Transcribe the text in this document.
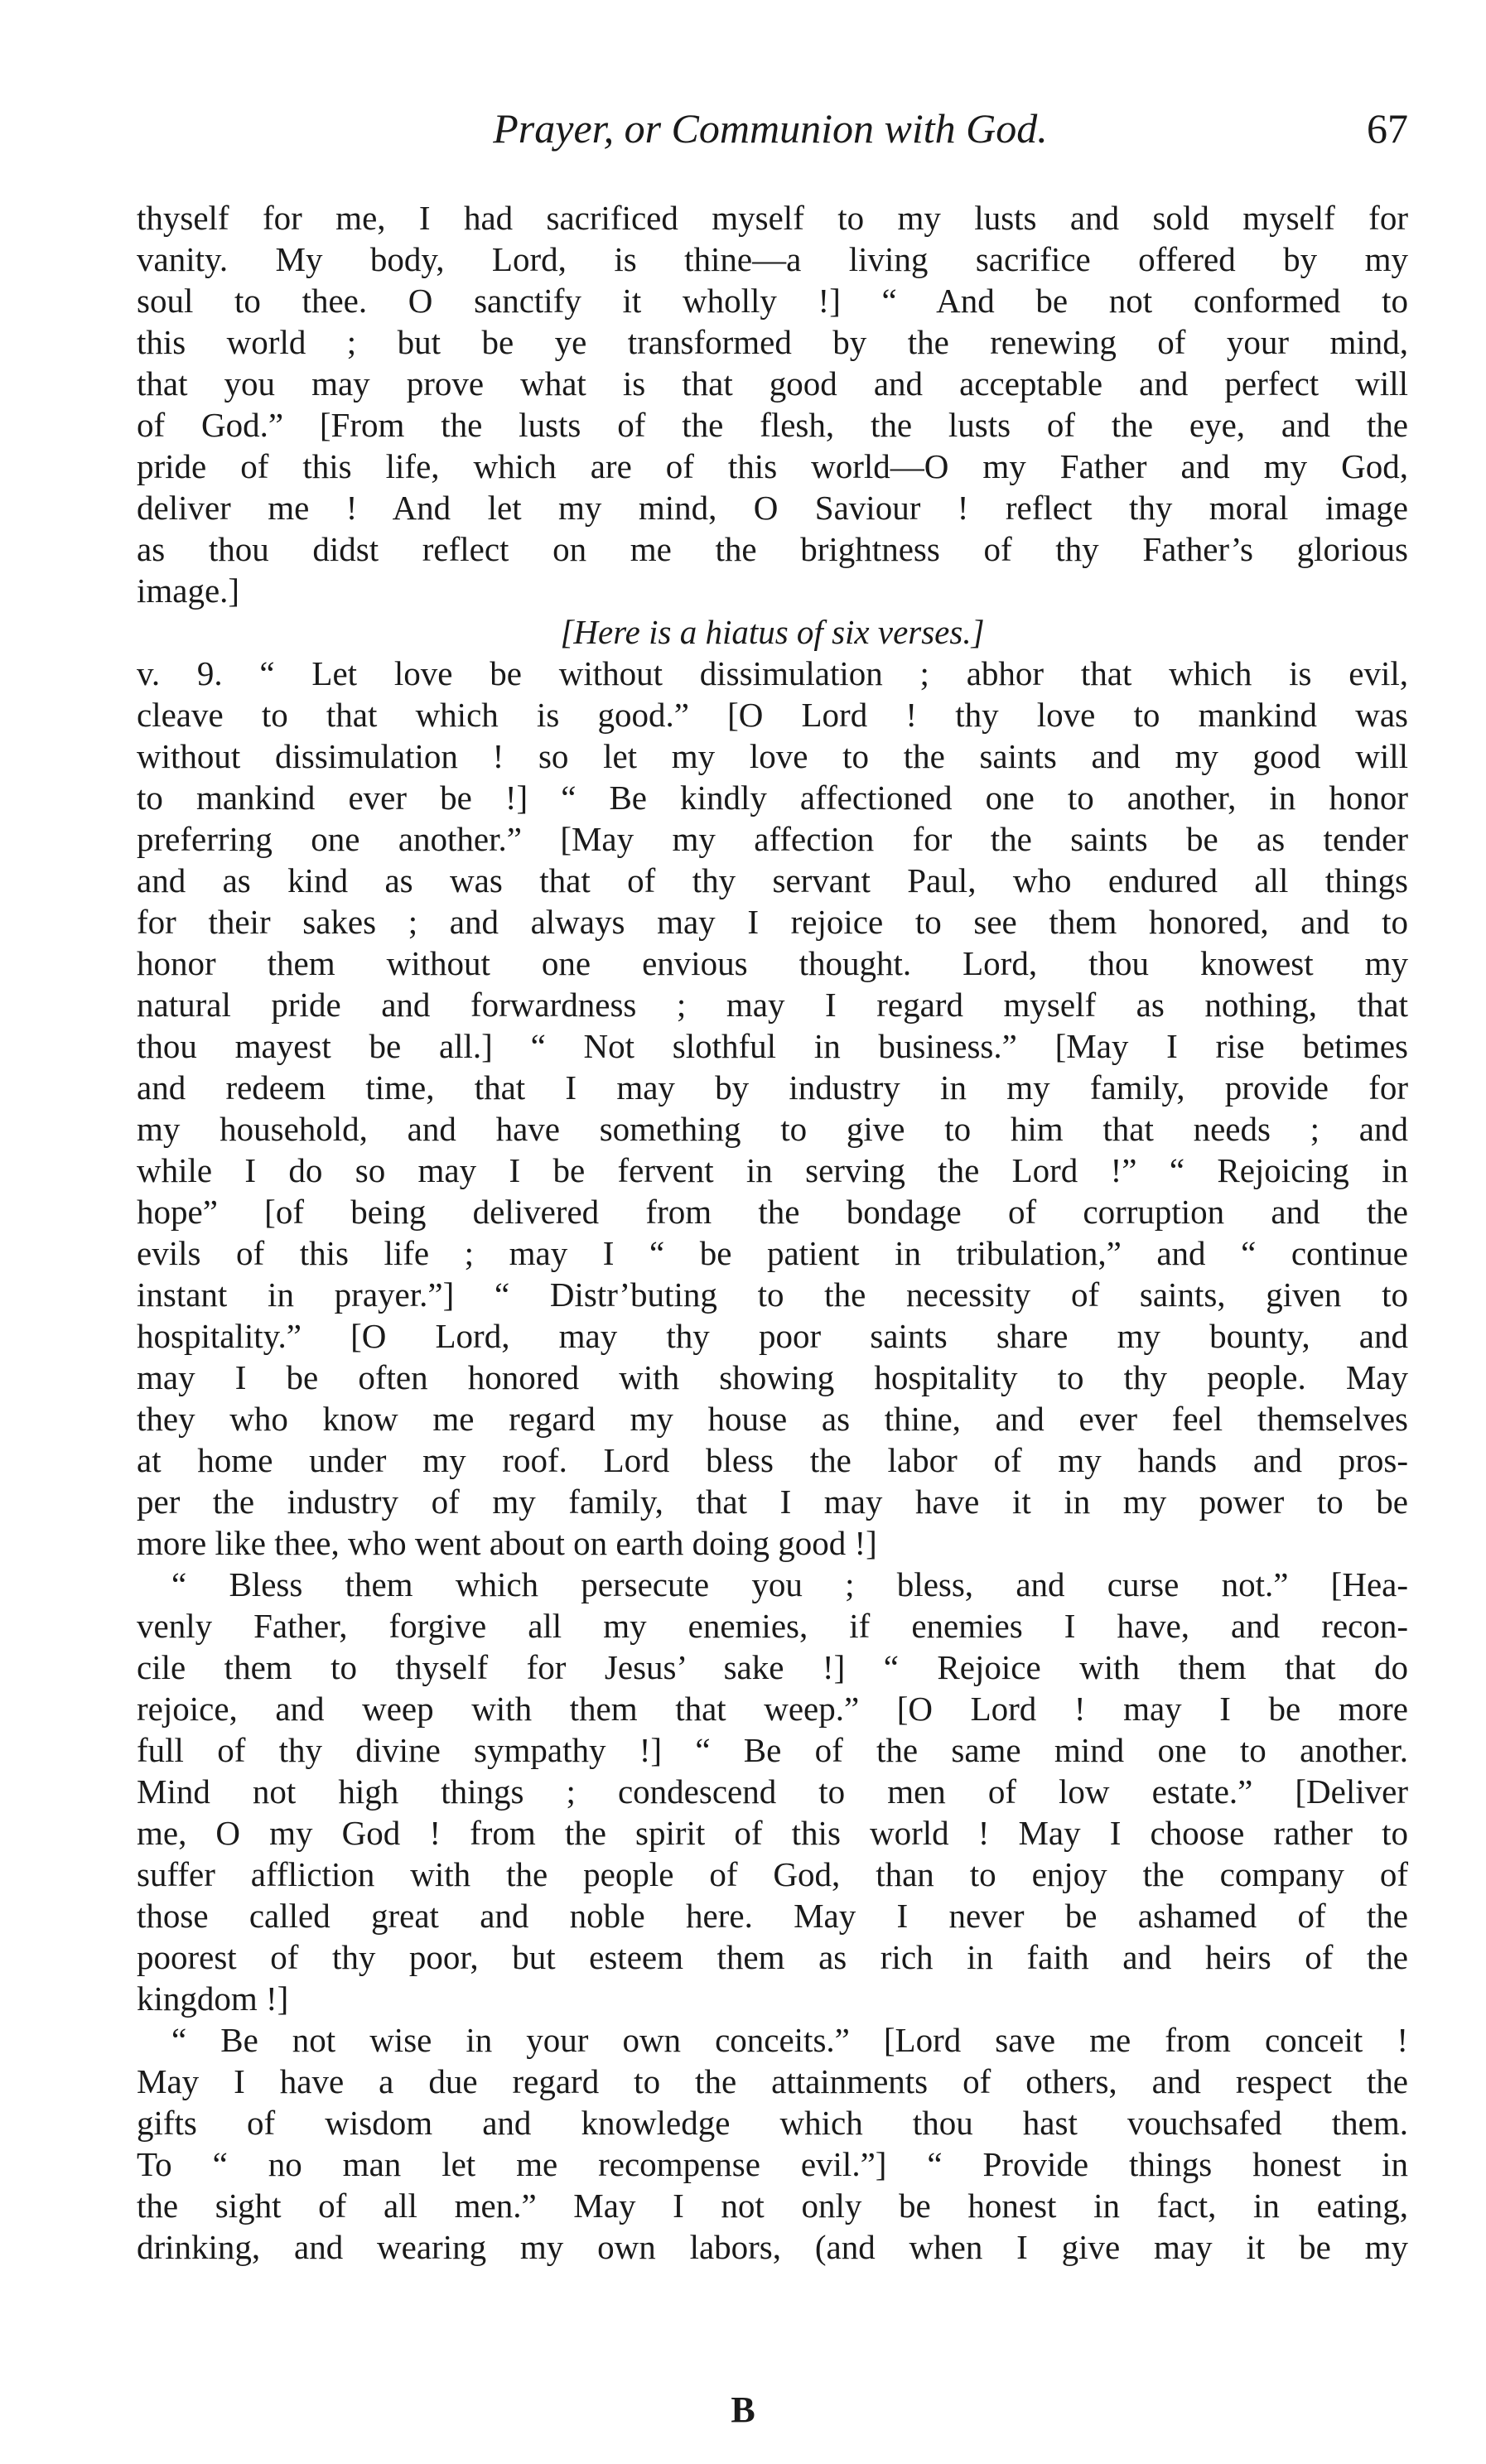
Prayer, or Communion with God.	67
thyself for me, I had sacrificed myself to my lusts and sold myself for
vanity. My body, Lord, is thine—a living sacrifice offered by my
soul to thee. O sanctify it wholly !] “ And be not conformed to
this world ; but be ye transformed by the renewing of your mind,
that you may prove what is that good and acceptable and perfect will
of God.” [From the lusts of the flesh, the lusts of the eye, and the
pride of this life, which are of this world—O my Father and my God,
deliver me ! And let my mind, O Saviour ! reflect thy moral image
as thou didst reflect on me the brightness of thy Father’s glorious
image.]
[Here is a hiatus of six verses.]
v. 9. “ Let love be without dissimulation ; abhor that which is evil,
cleave to that which is good.” [O Lord ! thy love to mankind was
without dissimulation ! so let my love to the saints and my good will
to mankind ever be !] “ Be kindly affectioned one to another, in honor
preferring one another.” [May my affection for the saints be as tender
and as kind as was that of thy servant Paul, who endured all things
for their sakes ; and always may I rejoice to see them honored, and to
honor them without one envious thought. Lord, thou knowest my
natural pride and forwardness ; may I regard myself as nothing, that
thou mayest be all.] “ Not slothful in business.” [May I rise betimes
and redeem time, that I may by industry in my family, provide for
my household, and have something to give to him that needs ; and
while I do so may I be fervent in serving the Lord !” “ Rejoicing in
hope” [of being delivered from the bondage of corruption and the
evils of this life ; may I “ be patient in tribulation,” and “ continue
instant in prayer.”] “ Distr’buting to the necessity of saints, given to
hospitality.” [O Lord, may thy poor saints share my bounty, and
may I be often honored with showing hospitality to thy people. May
they who know me regard my house as thine, and ever feel themselves
at home under my roof. Lord bless the labor of my hands and pros-
per the industry of my family, that I may have it in my power to be
more like thee, who went about on earth doing good !]
“ Bless them which persecute you ; bless, and curse not.” [Hea-
venly Father, forgive all my enemies, if enemies I have, and recon-
cile them to thyself for Jesus’ sake !] “ Rejoice with them that do
rejoice, and weep with them that weep.” [O Lord ! may I be more
full of thy divine sympathy !] “ Be of the same mind one to another.
Mind not high things ; condescend to men of low estate.” [Deliver
me, O my God ! from the spirit of this world ! May I choose rather to
suffer affliction with the people of God, than to enjoy the company of
those called great and noble here. May I never be ashamed of the
poorest of thy poor, but esteem them as rich in faith and heirs of the
kingdom !]
“ Be not wise in your own conceits.” [Lord save me from conceit !
May I have a due regard to the attainments of others, and respect the
gifts of wisdom and knowledge which thou hast vouchsafed them.
To “ no man let me recompense evil.”] “ Provide things honest in
the sight of all men.” May I not only be honest in fact, in eating,
drinking, and wearing my own labors, (and when I give may it be my
B
